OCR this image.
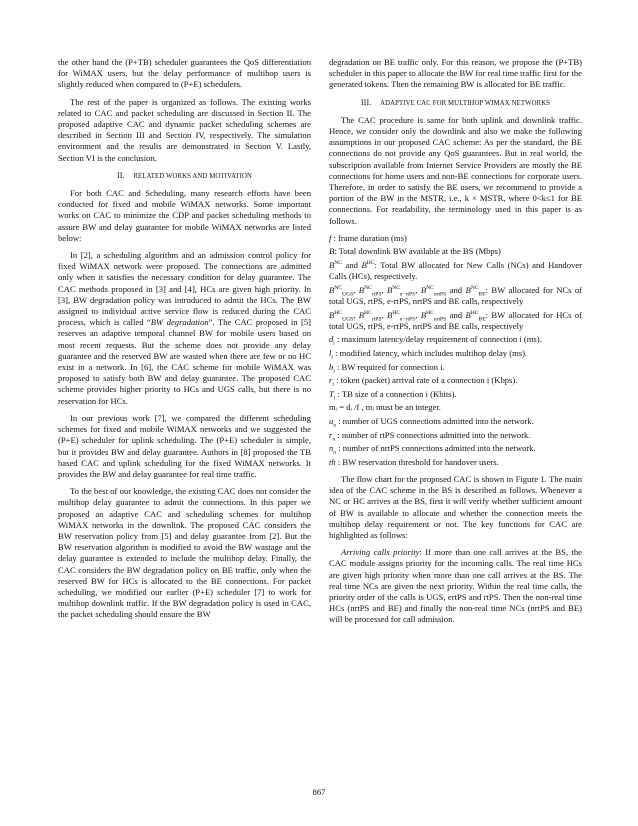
the other hand the (P+TB) scheduler guarantees the QoS differentiation for WiMAX users, but the delay performance of multihop users is slightly reduced when compared to (P+E) schedulers.

The rest of the paper is organized as follows. The existing works related to CAC and packet scheduling are discussed in Section II. The proposed adaptive CAC and dynamic packet scheduling schemes are described in Section III and Section IV, respectively. The simulation environment and the results are demonstrated in Section V. Lastly, Section VI is the conclusion.

II. RELATED WORKS AND MOTIVATION

For both CAC and Scheduling, many research efforts have been conducted for fixed and mobile WiMAX networks. Some important works on CAC to minimize the CDP and packet scheduling methods to assure BW and delay guarantee for mobile WiMAX networks are listed below:

In [2], a scheduling algorithm and an admission control policy for fixed WiMAX network were proposed. The connections are admitted only when it satisfies the necessary condition for delay guarantee. The CAC methods proposed in [3] and [4], HCs are given high priority. In [3], BW degradation policy was introduced to admit the HCs. The BW assigned to individual active service flow is reduced during the CAC process, which is called “BW degradation”. The CAC proposed in [5] reserves an adaptive temporal channel BW for mobile users based on most recent requests. But the scheme does not provide any delay guarantee and the reserved BW are wasted when there are few or no HC exist in a network. In [6], the CAC scheme for mobile WiMAX was proposed to satisfy both BW and delay guarantee. The proposed CAC scheme provides higher priority to HCs and UGS calls, but there is no reservation for HCs.

In our previous work [7], we compared the different scheduling schemes for fixed and mobile WiMAX networks and we suggested the (P+E) scheduler for uplink scheduling. The (P+E) scheduler is simple, but it provides BW and delay guarantee. Authors in [8] proposed the TB based CAC and uplink scheduling for the fixed WiMAX networks. It provides the BW and delay guarantee for real time traffic.

To the best of our knowledge, the existing CAC does not consider the multihop delay guarantee to admit the connections. In this paper we proposed an adaptive CAC and scheduling schemes for multihop WiMAX networks in the downlink. The proposed CAC considers the BW reservation policy from [5] and delay guarantee from [2]. But the BW reservation algorithm is modified to avoid the BW wastage and the delay guarantee is extended to include the multihop delay. Finally, the CAC considers the BW degradation policy on BE traffic, only when the reserved BW for HCs is allocated to the BE connections. For packet scheduling, we modified our earlier (P+E) scheduler [7] to work for multihop downlink traffic. If the BW degradation policy is used in CAC, the packet scheduling should ensure the BW

degradation on BE traffic only. For this reason, we propose the (P+TB) scheduler in this paper to allocate the BW for real time traffic first for the generated tokens. Then the remaining BW is allocated for BE traffic.

III. ADAPTIVE CAC FOR MULTIHOP WIMAX NETWORKS

The CAC procedure is same for both uplink and downlink traffic. Hence, we consider only the downlink and also we make the following assumptions in our proposed CAC scheme: As per the standard, the BE connections do not provide any QoS guarantees. But in real world, the subscription available from Internet Service Providers are mostly the BE connections for home users and non-BE connections for corporate users. Therefore, in order to satisfy the BE users, we recommend to provide a portion of the BW in the MSTR, i.e., k × MSTR, where 0<k≤1 for BE connections. For readability, the terminology used in this paper is as follows.

f : frame duration (ms)
B: Total downlink BW available at the BS (Mbps)
$B^{NC}$ and $B^{HC}$: Total BW allocated for New Calls (NCs) and Handover Calls (HCs), respectively.
$B^{NC}_{UGS}$, $B^{NC}_{rtPS}$, $B^{NC}_{e-rtPS}$, $B^{NC}_{nrtPS}$ and $B^{NC}_{BE}$: BW allocated for NCs of total UGS, rtPS, e-rtPS, nrtPS and BE calls, respectively
$B^{HC}_{UGS}$, $B^{HC}_{rtPS}$, $B^{HC}_{e-rtPS}$, $B^{HC}_{nrtPS}$ and $B^{HC}_{BE}$: BW allocated for HCs of total UGS, rtPS, e-rtPS, nrtPS and BE calls, respectively
$d_i$ : maximum latency/delay requirement of connection i (ms).
$l_i$ : modified latency, which includes multihop delay (ms).
$b_i$ : BW required for connection i.
$r_i$ : token (packet) arrival rate of a connection i (Kbps).
$T_i$ : TB size of a connection i (Kbits).
mᵢ = dᵢ /f , mᵢ must be an integer.
$u_n$ : number of UGS connections admitted into the network.
$r_n$ : number of rtPS connections admitted into the network.
$n_n$ : number of nrtPS connections admitted into the network.
th : BW reservation threshold for handover users.

The flow chart for the proposed CAC is shown in Figure 1. The main idea of the CAC scheme in the BS is described as follows. Whenever a NC or HC arrives at the BS, first it will verify whether sufficient amount of BW is available to allocate and whether the connection meets the multihop delay requirement or not. The key functions for CAC are highlighted as follows:

Arriving calls priority: If more than one call arrives at the BS, the CAC module assigns priority for the incoming calls. The real time HCs are given high priority when more than one call arrives at the BS. The real time NCs are given the next priority. Within the real time calls, the priority order of the calls is UGS, ertPS and rtPS. Then the non-real time HCs (nrtPS and BE) and finally the non-real time NCs (nrtPS and BE) will be processed for call admission.

867
